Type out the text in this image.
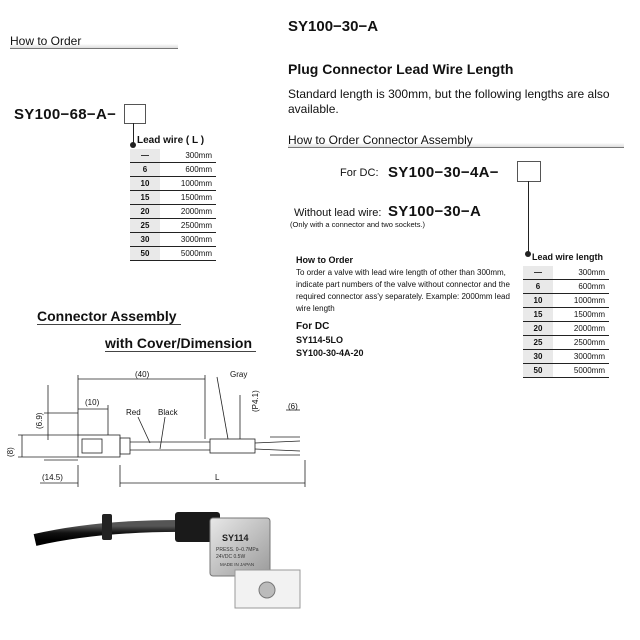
How to Order
SY100−68−A−
Lead wire ( L )
—	300mm
6	600mm
10	1000mm
15	1500mm
20	2000mm
25	2500mm
30	3000mm
50	5000mm
Connector Assembly
with Cover/Dimension
SY100−30−A
Plug Connector Lead Wire Length
Standard length is 300mm, but the following lengths are also available.
How to Order Connector Assembly
For DC: SY100−30−4A−
Without lead wire: SY100−30−A
(Only with a connector and two sockets.)
How to Order
To order a valve with lead wire length of other than 300mm, indicate part numbers of the valve without connector and the required connector ass'y separately. Example: 2000mm lead wire length
For DC
SY114-5LO
SY100-30-4A-20
Lead wire length
—	300mm
6	600mm
10	1000mm
15	1500mm
20	2000mm
25	2500mm
30	3000mm
50	5000mm
(40)
(10)
(6.9)
(8)
(14.5)	L
(P4.1)	(6)
Gray
Red Black
SY114
PRESS. 0–0.7MPa
24VDC 0.5W
MADE IN JAPAN
